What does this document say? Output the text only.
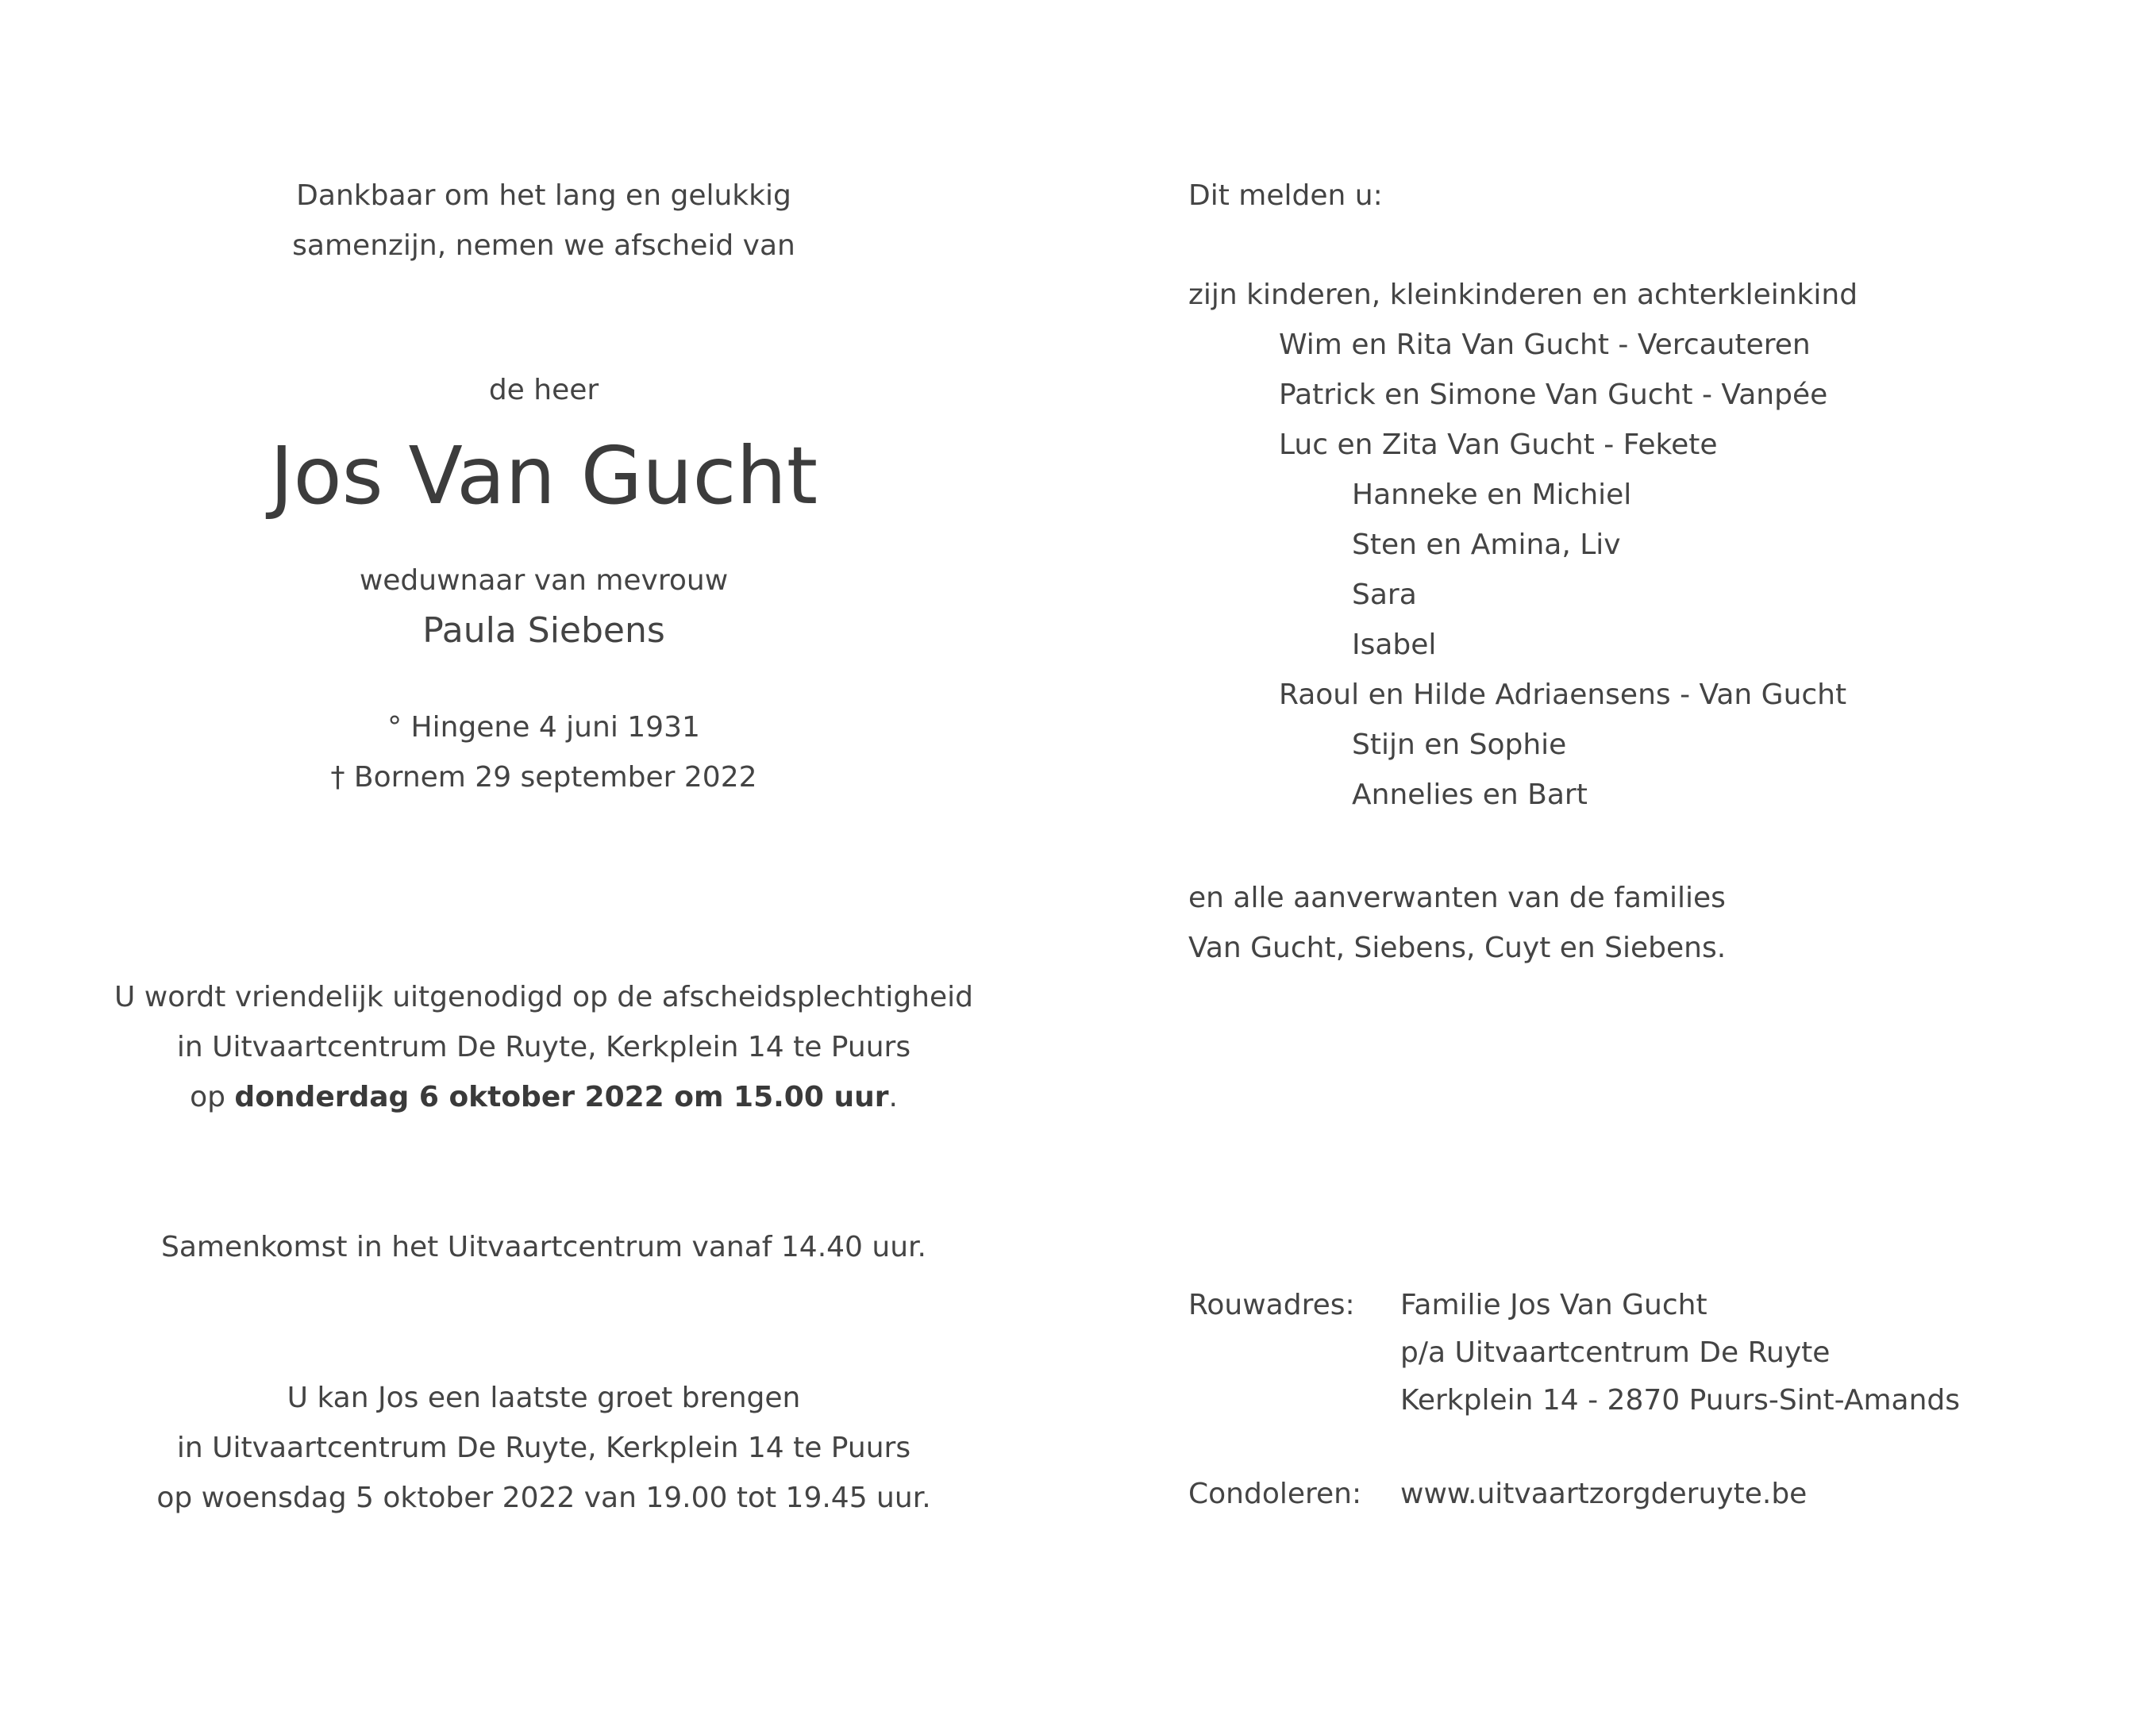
Dankbaar om het lang en gelukkig
samenzijn, nemen we afscheid van
de heer
Jos Van Gucht
weduwnaar van mevrouw
Paula Siebens
° Hingene 4 juni 1931
† Bornem 29 september 2022
U wordt vriendelijk uitgenodigd op de afscheidsplechtigheid
in Uitvaartcentrum De Ruyte, Kerkplein 14 te Puurs
op donderdag 6 oktober 2022 om 15.00 uur.
Samenkomst in het Uitvaartcentrum vanaf 14.40 uur.
U kan Jos een laatste groet brengen
in Uitvaartcentrum De Ruyte, Kerkplein 14 te Puurs
op woensdag 5 oktober 2022 van 19.00 tot 19.45 uur.
Dit melden u:
zijn kinderen, kleinkinderen en achterkleinkind
Wim en Rita Van Gucht - Vercauteren
Patrick en Simone Van Gucht - Vanpée
Luc en Zita Van Gucht - Fekete
Hanneke en Michiel
Sten en Amina, Liv
Sara
Isabel
Raoul en Hilde Adriaensens - Van Gucht
Stijn en Sophie
Annelies en Bart
en alle aanverwanten van de families
Van Gucht, Siebens, Cuyt en Siebens.
Rouwadres: Familie Jos Van Gucht
p/a Uitvaartcentrum De Ruyte
Kerkplein 14 - 2870 Puurs-Sint-Amands
Condoleren: www.uitvaartzorgderuyte.be
